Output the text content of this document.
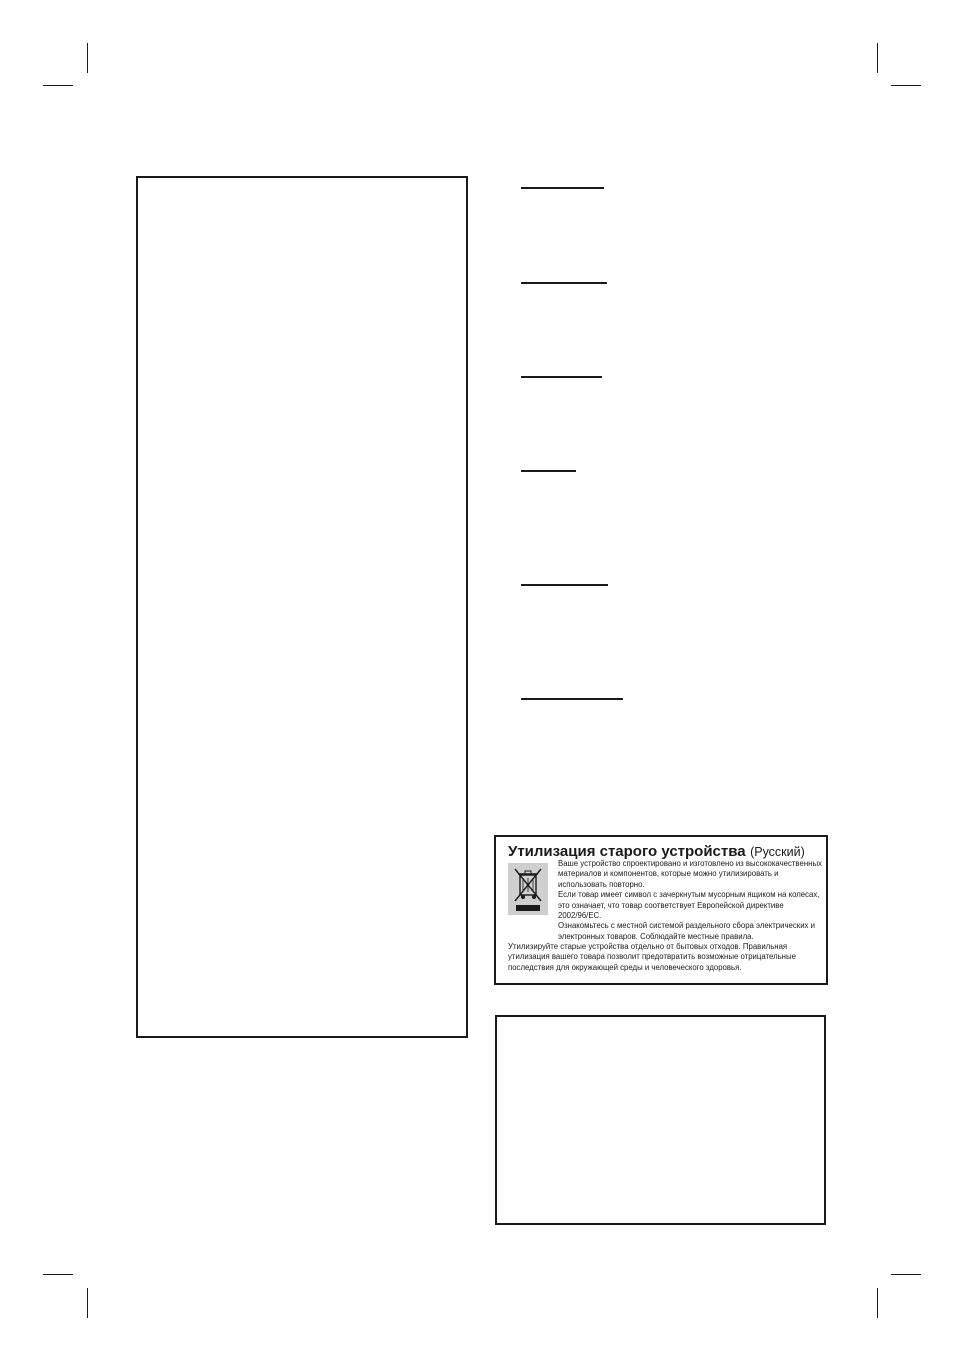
Утилизация старого устройства (Русский)
Ваше устройство спроектировано и изготовлено из высококачественных материалов и компонентов, которые можно утилизировать и использовать повторно.
Если товар имеет символ с зачеркнутым мусорным ящиком на колесах, это означает, что товар соответствует Европейской директиве 2002/96/EC.
Ознакомьтесь с местной системой раздельного сбора электрических и электронных товаров. Соблюдайте местные правила.
Утилизируйте старые устройства отдельно от бытовых отходов. Правильная утилизация вашего товара позволит предотвратить возможные отрицательные последствия для окружающей среды и человеческого здоровья.
